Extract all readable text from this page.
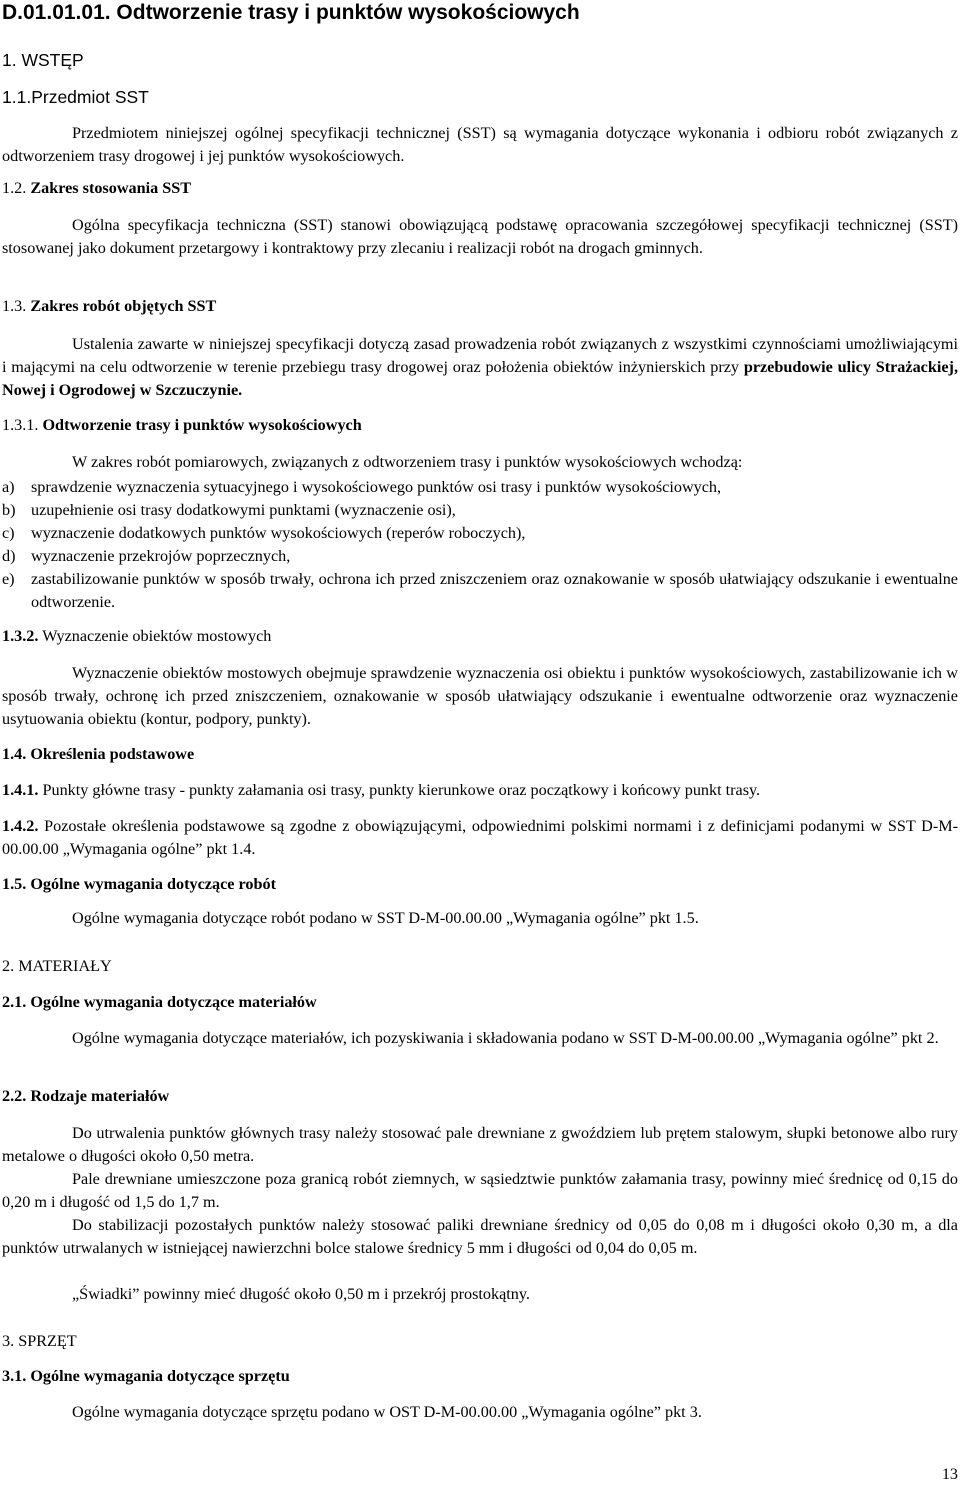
D.01.01.01. Odtworzenie trasy i punktów wysokościowych
1. WSTĘP
1.1.Przedmiot SST
Przedmiotem niniejszej ogólnej specyfikacji technicznej (SST) są wymagania dotyczące wykonania i odbioru robót związanych z odtworzeniem trasy drogowej i jej punktów wysokościowych.
1.2. Zakres stosowania SST
Ogólna specyfikacja techniczna (SST) stanowi obowiązującą podstawę opracowania szczegółowej specyfikacji technicznej (SST) stosowanej jako dokument przetargowy i kontraktowy przy zlecaniu i realizacji robót na drogach gminnych.
1.3. Zakres robót objętych SST
Ustalenia zawarte w niniejszej specyfikacji dotyczą zasad prowadzenia robót związanych z wszystkimi czynnościami umożliwiającymi i mającymi na celu odtworzenie w terenie przebiegu trasy drogowej oraz położenia obiektów inżynierskich przy przebudowie ulicy Strażackiej, Nowej i Ogrodowej w Szczuczynie.
1.3.1. Odtworzenie trasy i punktów wysokościowych
W zakres robót pomiarowych, związanych z odtworzeniem trasy i punktów wysokościowych wchodzą:
a) sprawdzenie wyznaczenia sytuacyjnego i wysokościowego punktów osi trasy i punktów wysokościowych,
b) uzupełnienie osi trasy dodatkowymi punktami (wyznaczenie osi),
c) wyznaczenie dodatkowych punktów wysokościowych (reperów roboczych),
d) wyznaczenie przekrojów poprzecznych,
e) zastabilizowanie punktów w sposób trwały, ochrona ich przed zniszczeniem oraz oznakowanie w sposób ułatwiający odszukanie i ewentualne odtworzenie.
1.3.2. Wyznaczenie obiektów mostowych
Wyznaczenie obiektów mostowych obejmuje sprawdzenie wyznaczenia osi obiektu i punktów wysokościowych, zastabilizowanie ich w sposób trwały, ochronę ich przed zniszczeniem, oznakowanie w sposób ułatwiający odszukanie i ewentualne odtworzenie oraz wyznaczenie usytuowania obiektu (kontur, podpory, punkty).
1.4. Określenia podstawowe
1.4.1. Punkty główne trasy - punkty załamania osi trasy, punkty kierunkowe oraz początkowy i końcowy punkt trasy.
1.4.2. Pozostałe określenia podstawowe są zgodne z obowiązującymi, odpowiednimi polskimi normami i z definicjami podanymi w SST D-M-00.00.00 „Wymagania ogólne” pkt 1.4.
1.5. Ogólne wymagania dotyczące robót
Ogólne wymagania dotyczące robót podano w SST D-M-00.00.00 „Wymagania ogólne” pkt 1.5.
2. MATERIAŁY
2.1. Ogólne wymagania dotyczące materiałów
Ogólne wymagania dotyczące materiałów, ich pozyskiwania i składowania podano w SST D-M-00.00.00 „Wymagania ogólne” pkt 2.
2.2. Rodzaje materiałów
Do utrwalenia punktów głównych trasy należy stosować pale drewniane z gwoździem lub prętem stalowym, słupki betonowe albo rury metalowe o długości około 0,50 metra.
Pale drewniane umieszczone poza granicą robót ziemnych, w sąsiedztwie punktów załamania trasy, powinny mieć średnicę od 0,15 do 0,20 m i długość od 1,5 do 1,7 m.
Do stabilizacji pozostałych punktów należy stosować paliki drewniane średnicy od 0,05 do 0,08 m i długości około 0,30 m, a dla punktów utrwalanych w istniejącej nawierzchni bolce stalowe średnicy 5 mm i długości od 0,04 do 0,05 m.
„Świadki” powinny mieć długość około 0,50 m i przekrój prostokątny.
3. SPRZĘT
3.1. Ogólne wymagania dotyczące sprzętu
Ogólne wymagania dotyczące sprzętu podano w OST D-M-00.00.00 „Wymagania ogólne” pkt 3.
13
